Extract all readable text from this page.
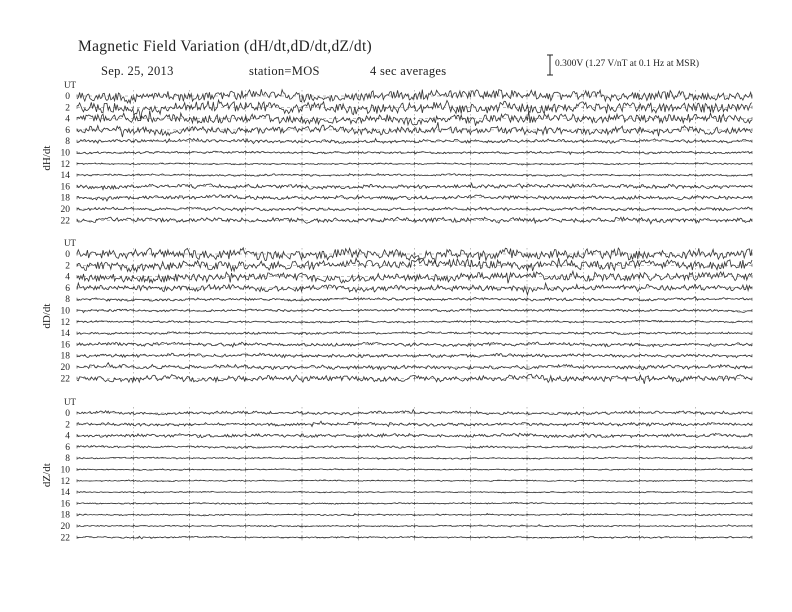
Magnetic Field Variation (dH/dt,dD/dt,dZ/dt)
Sep. 25, 2013	station=MOS	4 sec averages	0.300V (1.27 V/nT at 0.1 Hz at MSR)
UT
dH/dt
0
2
4
6
8
10
12
14
16
18
20
22
UT
dD/dt
0
2
4
6
8
10
12
14
16
18
20
22
UT
dZ/dt
0
2
4
6
8
10
12
14
16
18
20
22
